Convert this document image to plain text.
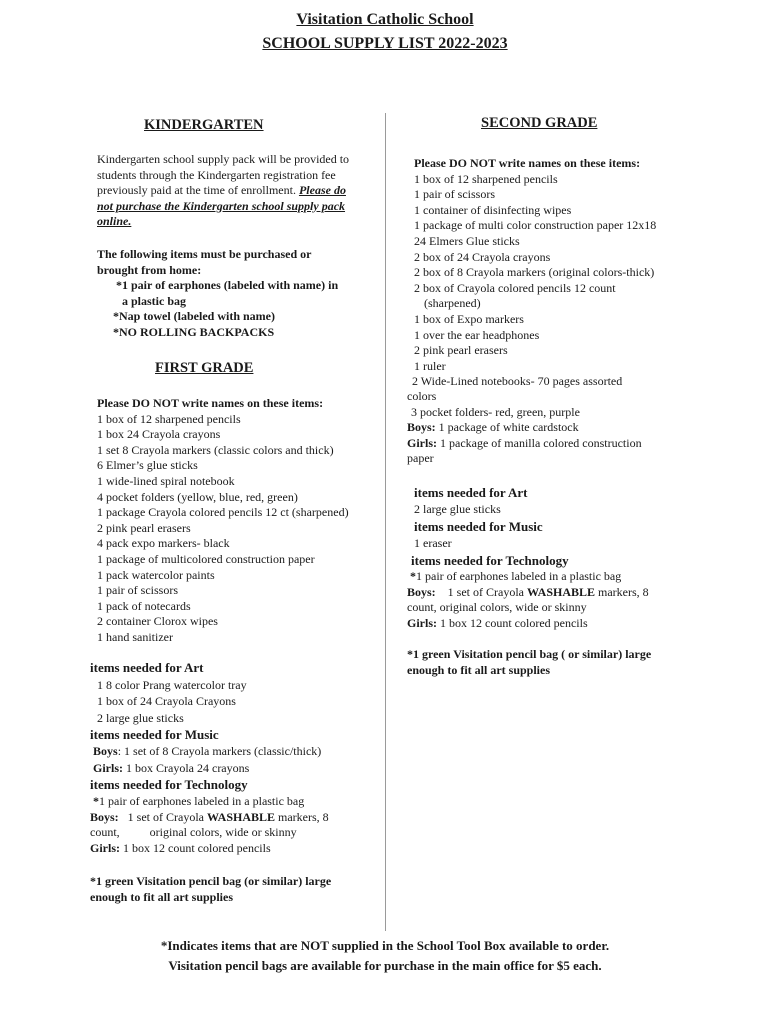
Visitation Catholic School
SCHOOL SUPPLY LIST 2022-2023
KINDERGARTEN
Kindergarten school supply pack will be provided to
students through the Kindergarten registration fee
previously paid at the time of enrollment. Please do
not purchase the Kindergarten school supply pack
online.
The following items must be purchased or
brought from home:
*1 pair of earphones (labeled with name) in
a plastic bag
*Nap towel (labeled with name)
*NO ROLLING BACKPACKS
FIRST GRADE
Please DO NOT write names on these items:
1 box of 12 sharpened pencils
1 box 24 Crayola crayons
1 set 8 Crayola markers (classic colors and thick)
6 Elmer’s glue sticks
1 wide-lined spiral notebook
4 pocket folders (yellow, blue, red, green)
1 package Crayola colored pencils 12 ct (sharpened)
2 pink pearl erasers
4 pack expo markers- black
1 package of multicolored construction paper
1 pack watercolor paints
1 pair of scissors
1 pack of notecards
2 container Clorox wipes
1 hand sanitizer
items needed for Art
1 8 color Prang watercolor tray
1 box of 24 Crayola Crayons
2 large glue sticks
items needed for Music
Boys: 1 set of 8 Crayola markers (classic/thick)
Girls: 1 box Crayola 24 crayons
items needed for Technology
*1 pair of earphones labeled in a plastic bag
Boys:   1 set of Crayola WASHABLE markers, 8
count,          original colors, wide or skinny
Girls: 1 box 12 count colored pencils
*1 green Visitation pencil bag (or similar) large
enough to fit all art supplies
SECOND GRADE
Please DO NOT write names on these items:
1 box of 12 sharpened pencils
1 pair of scissors
1 container of disinfecting wipes
1 package of multi color construction paper 12x18
24 Elmers Glue sticks
2 box of 24 Crayola crayons
2 box of 8 Crayola markers (original colors-thick)
2 box of Crayola colored pencils 12 count
(sharpened)
1 box of Expo markers
1 over the ear headphones
2 pink pearl erasers
1 ruler
2 Wide-Lined notebooks- 70 pages assorted
colors
3 pocket folders- red, green, purple
Boys: 1 package of white cardstock
Girls: 1 package of manilla colored construction
paper
items needed for Art
2 large glue sticks
items needed for Music
1 eraser
items needed for Technology
*1 pair of earphones labeled in a plastic bag
Boys:    1 set of Crayola WASHABLE markers, 8
count, original colors, wide or skinny
Girls: 1 box 12 count colored pencils
*1 green Visitation pencil bag ( or similar) large
enough to fit all art supplies
*Indicates items that are NOT supplied in the School Tool Box available to order.
Visitation pencil bags are available for purchase in the main office for $5 each.
